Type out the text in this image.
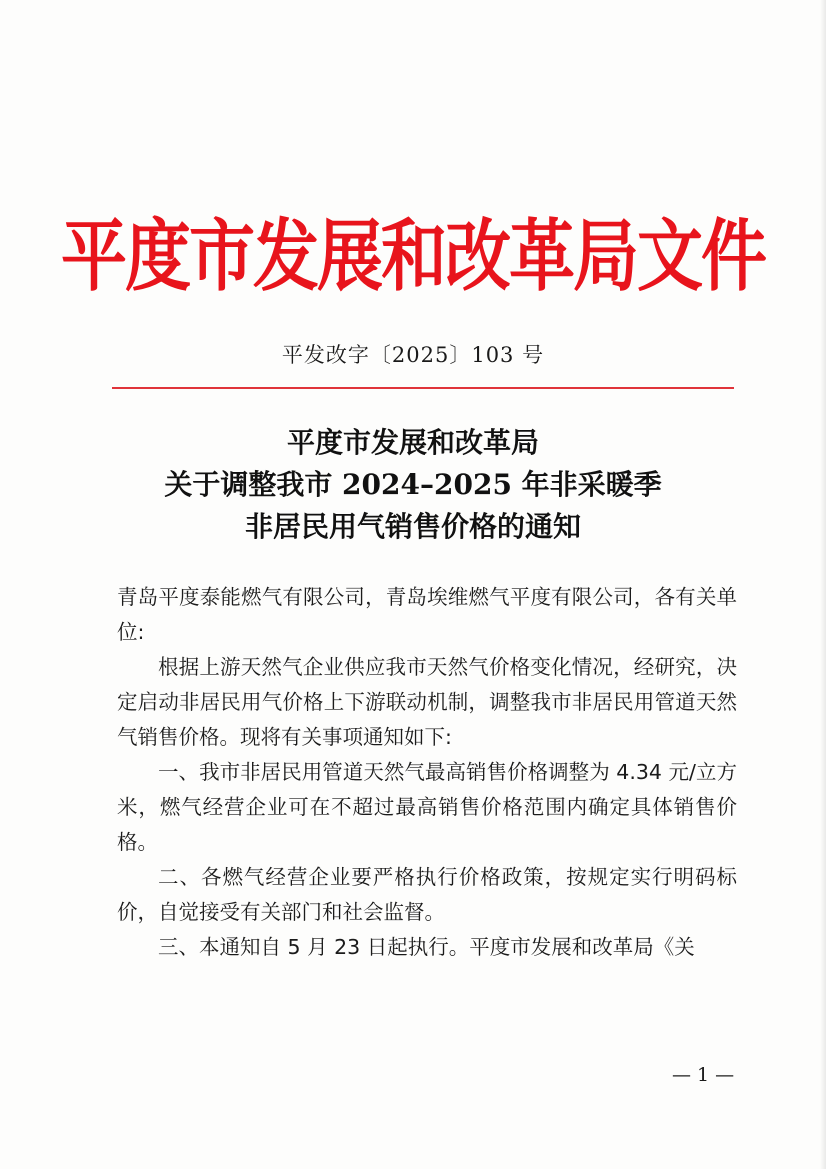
平度市发展和改革局文件
平发改字〔2025〕103 号
平度市发展和改革局
关于调整我市 2024–2025 年非采暖季
非居民用气销售价格的通知

青岛平度泰能燃气有限公司，青岛埃维燃气平度有限公司，各有关单位:

根据上游天然气企业供应我市天然气价格变化情况，经研究，决定启动非居民用气价格上下游联动机制，调整我市非居民用管道天然气销售价格。现将有关事项通知如下:

一、我市非居民用管道天然气最高销售价格调整为 4.34 元/立方米，燃气经营企业可在不超过最高销售价格范围内确定具体销售价格。

二、各燃气经营企业要严格执行价格政策，按规定实行明码标价，自觉接受有关部门和社会监督。

三、本通知自 5 月 23 日起执行。平度市发展和改革局《关

— 1 —
